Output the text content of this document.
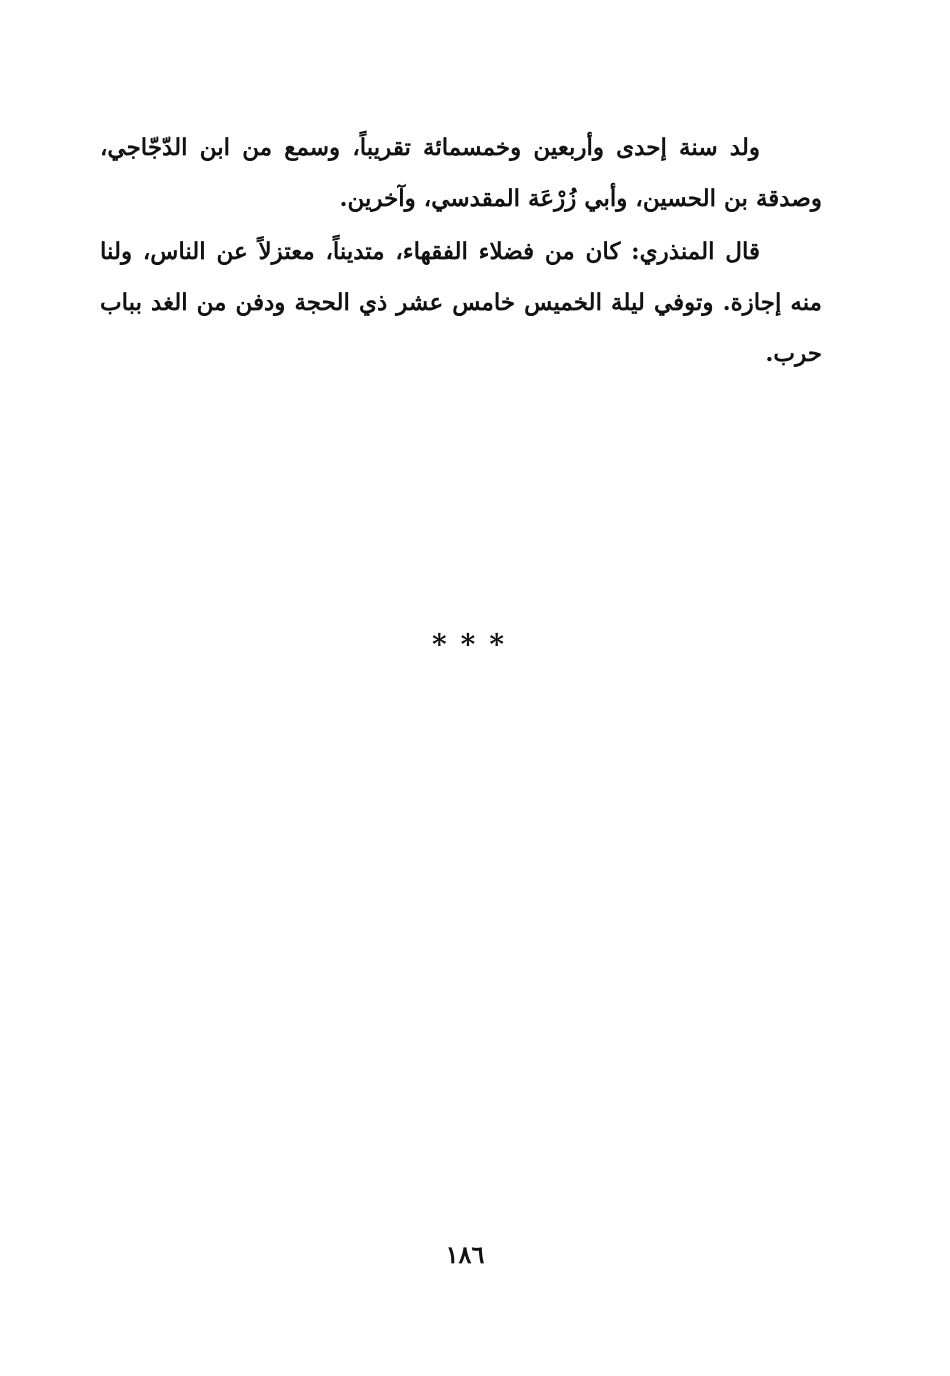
ولد سنة إحدى وأربعين وخمسمائة تقريباً، وسمع من ابن الدّجّاجي، وصدقة بن الحسين، وأبي زُرْعَة المقدسي، وآخرين.

قال المنذري: كان من فضلاء الفقهاء، متديناً، معتزلاً عن الناس، ولنا منه إجازة. وتوفي ليلة الخميس خامس عشر ذي الحجة ودفن من الغد بباب حرب.

***
١٨٦
